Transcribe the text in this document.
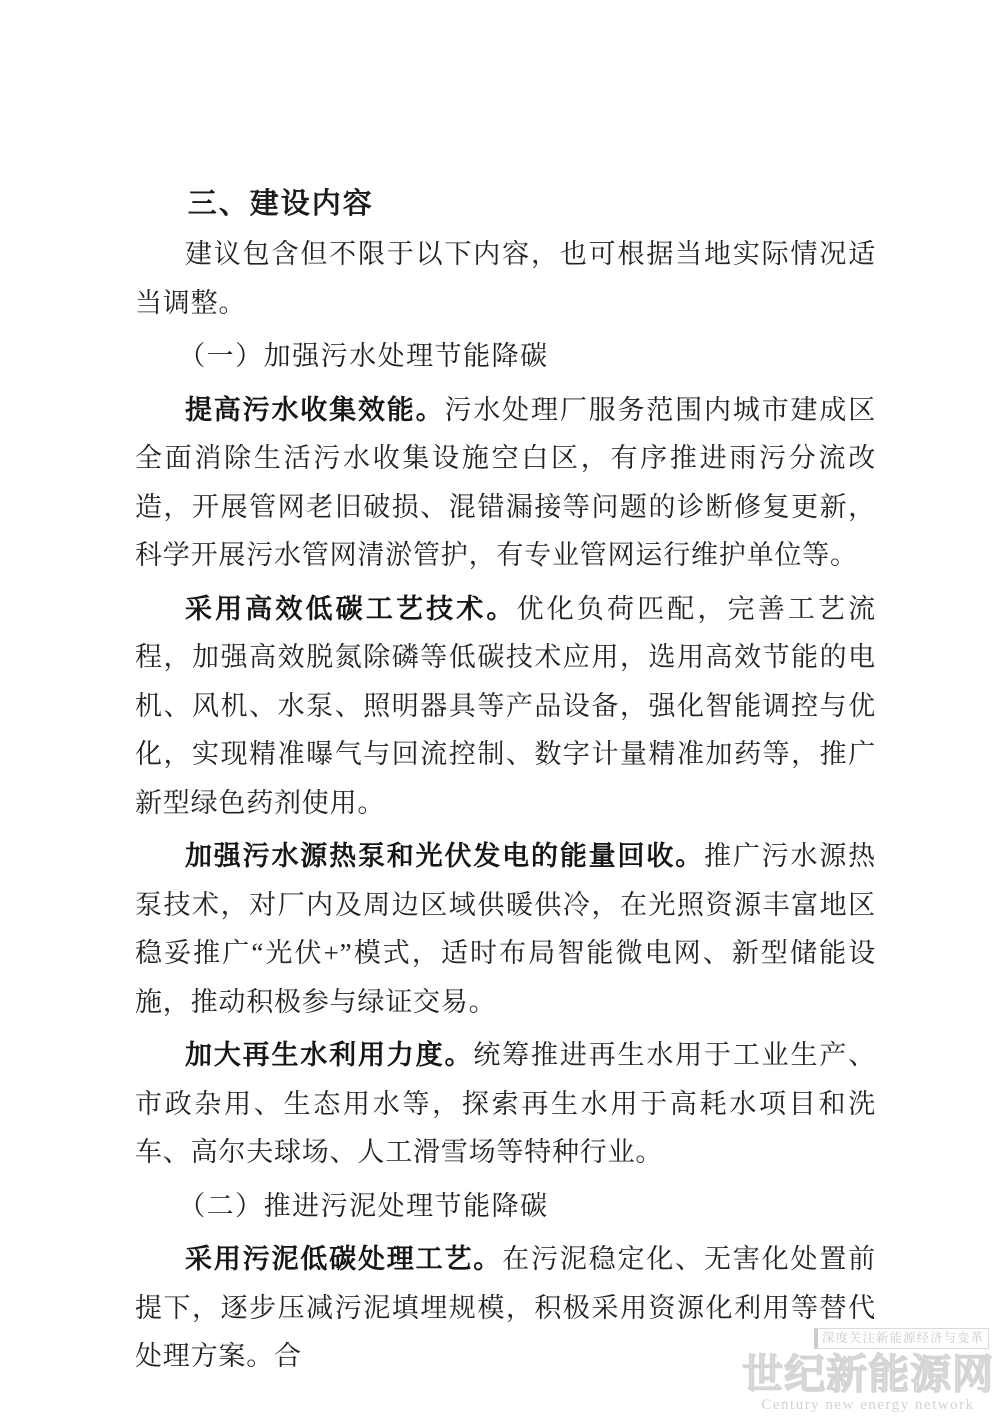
三、建设内容

建议包含但不限于以下内容，也可根据当地实际情况适当调整。

（一）加强污水处理节能降碳

提高污水收集效能。污水处理厂服务范围内城市建成区全面消除生活污水收集设施空白区，有序推进雨污分流改造，开展管网老旧破损、混错漏接等问题的诊断修复更新，科学开展污水管网清淤管护，有专业管网运行维护单位等。

采用高效低碳工艺技术。优化负荷匹配，完善工艺流程，加强高效脱氮除磷等低碳技术应用，选用高效节能的电机、风机、水泵、照明器具等产品设备，强化智能调控与优化，实现精准曝气与回流控制、数字计量精准加药等，推广新型绿色药剂使用。

加强污水源热泵和光伏发电的能量回收。推广污水源热泵技术，对厂内及周边区域供暖供冷，在光照资源丰富地区稳妥推广“光伏+”模式，适时布局智能微电网、新型储能设施，推动积极参与绿证交易。

加大再生水利用力度。统筹推进再生水用于工业生产、市政杂用、生态用水等，探索再生水用于高耗水项目和洗车、高尔夫球场、人工滑雪场等特种行业。

（二）推进污泥处理节能降碳

采用污泥低碳处理工艺。在污泥稳定化、无害化处置前提下，逐步压减污泥填埋规模，积极采用资源化利用等替代处理方案。合

深度关注新能源经济与变革
世纪新能源网
Century new energy network
